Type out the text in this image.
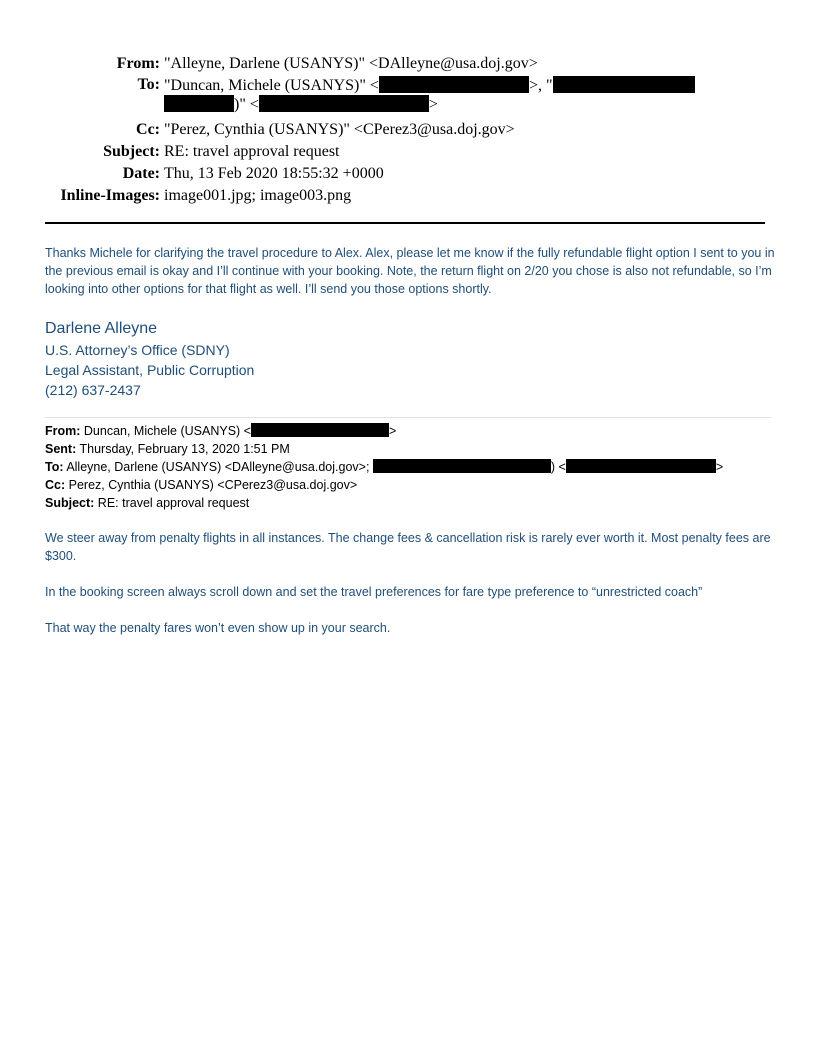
From: "Alleyne, Darlene (USANYS)" <DAlleyne@usa.doj.gov>
To: "Duncan, Michele (USANYS)" <	>, "
)" <	>
Cc: "Perez, Cynthia (USANYS)" <CPerez3@usa.doj.gov>
Subject: RE: travel approval request
Date: Thu, 13 Feb 2020 18:55:32 +0000
Inline-Images: image001.jpg; image003.png

Thanks Michele for clarifying the travel procedure to Alex. Alex, please let me know if the fully refundable flight option I sent to you in the previous email is okay and I’ll continue with your booking. Note, the return flight on 2/20 you chose is also not refundable, so I’m looking into other options for that flight as well. I’ll send you those options shortly.

Darlene Alleyne
U.S. Attorney’s Office (SDNY)
Legal Assistant, Public Corruption
(212) 637-2437
From: Duncan, Michele (USANYS) <	>
Sent: Thursday, February 13, 2020 1:51 PM
To: Alleyne, Darlene (USANYS) <DAlleyne@usa.doj.gov>;	) <	>
Cc: Perez, Cynthia (USANYS) <CPerez3@usa.doj.gov>
Subject: RE: travel approval request

We steer away from penalty flights in all instances. The change fees & cancellation risk is rarely ever worth it. Most penalty fees are $300.

In the booking screen always scroll down and set the travel preferences for fare type preference to “unrestricted coach”

That way the penalty fares won’t even show up in your search.
